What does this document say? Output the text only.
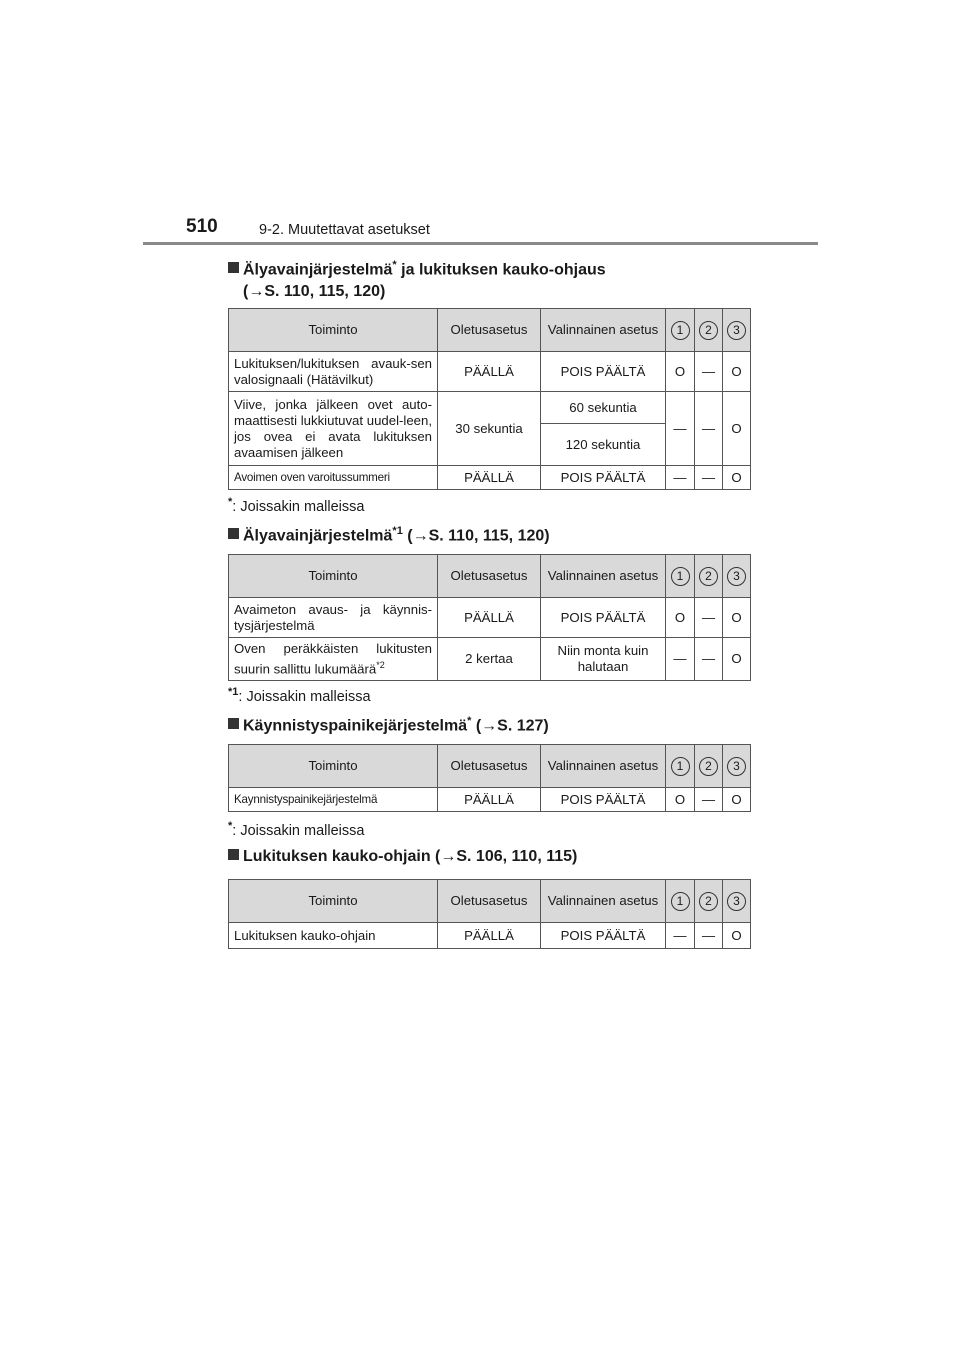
510	9-2. Muutettavat asetukset
Älyavainjärjestelmä* ja lukituksen kauko-ohjaus
(→S. 110, 115, 120)
Toiminto	Oletusasetus	Valinnainen asetus	1	2	3
Lukituksen/lukituksen avauk-sen valosignaali (Hätävilkut)	PÄÄLLÄ	POIS PÄÄLTÄ	O	—	O
Viive, jonka jälkeen ovet auto-maattisesti lukkiutuvat uudel-leen, jos ovea ei avata lukituksen avaamisen jälkeen	30 sekuntia	60 sekuntia	—	—	O
		120 sekuntia			
Avoimen oven varoitussummeri	PÄÄLLÄ	POIS PÄÄLTÄ	—	—	O
*: Joissakin malleissa
Älyavainjärjestelmä$^{*1}$ (→S. 110, 115, 120)
Toiminto	Oletusasetus	Valinnainen asetus	1	2	3
Avaimeton avaus- ja käynnis-tysjärjestelmä	PÄÄLLÄ	POIS PÄÄLTÄ	O	—	O
Oven peräkkäisten lukitusten suurin sallittu lukumäärä$^{*2}$	2 kertaa	Niin monta kuin halutaan	—	—	O
$^{*1}$: Joissakin malleissa
Käynnistyspainikejärjestelmä* (→S. 127)
Toiminto	Oletusasetus	Valinnainen asetus	1	2	3
Kaynnistyspainikejärjestelmä	PÄÄLLÄ	POIS PÄÄLTÄ	O	—	O
*: Joissakin malleissa
Lukituksen kauko-ohjain (→S. 106, 110, 115)
Toiminto	Oletusasetus	Valinnainen asetus	1	2	3
Lukituksen kauko-ohjain	PÄÄLLÄ	POIS PÄÄLTÄ	—	—	O
